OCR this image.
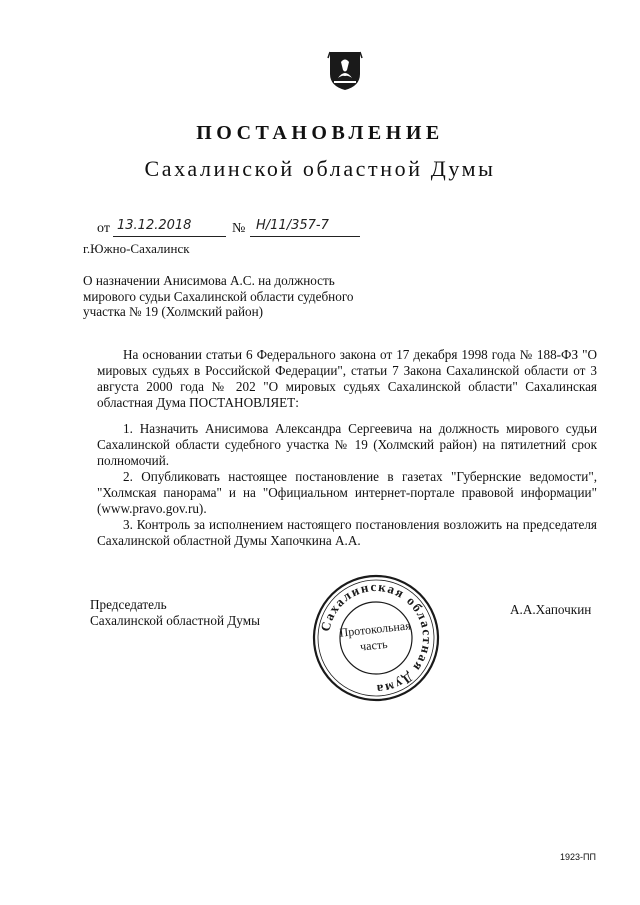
ПОСТАНОВЛЕНИЕ
Сахалинской областной Думы
от 13.12.2018	№ Н/11/357-7
г.Южно-Сахалинск
О назначении Анисимова А.С. на должность
мирового судьи Сахалинской области судебного
участка № 19 (Холмский район)

На основании статьи 6 Федерального закона от 17 декабря 1998 года № 188-ФЗ "О мировых судьях в Российской Федерации", статьи 7 Закона Сахалинской области от 3 августа 2000 года № 202 "О мировых судьях Сахалинской области" Сахалинская областная Дума ПОСТАНОВЛЯЕТ:

1. Назначить Анисимова Александра Сергеевича на должность мирового судьи Сахалинской области судебного участка № 19 (Холмский район) на пятилетний срок полномочий.

2. Опубликовать настоящее постановление в газетах "Губернские ведомости", "Холмская панорама" и на "Официальном интернет-портале правовой информации" (www.pravo.gov.ru).

3. Контроль за исполнением настоящего постановления возложить на председателя Сахалинской областной Думы Хапочкина А.А.

Председатель
Сахалинской областной Думы
А.А.Хапочкин
Сахалинская областная Дума
Протокольная
часть
1923-ПП
